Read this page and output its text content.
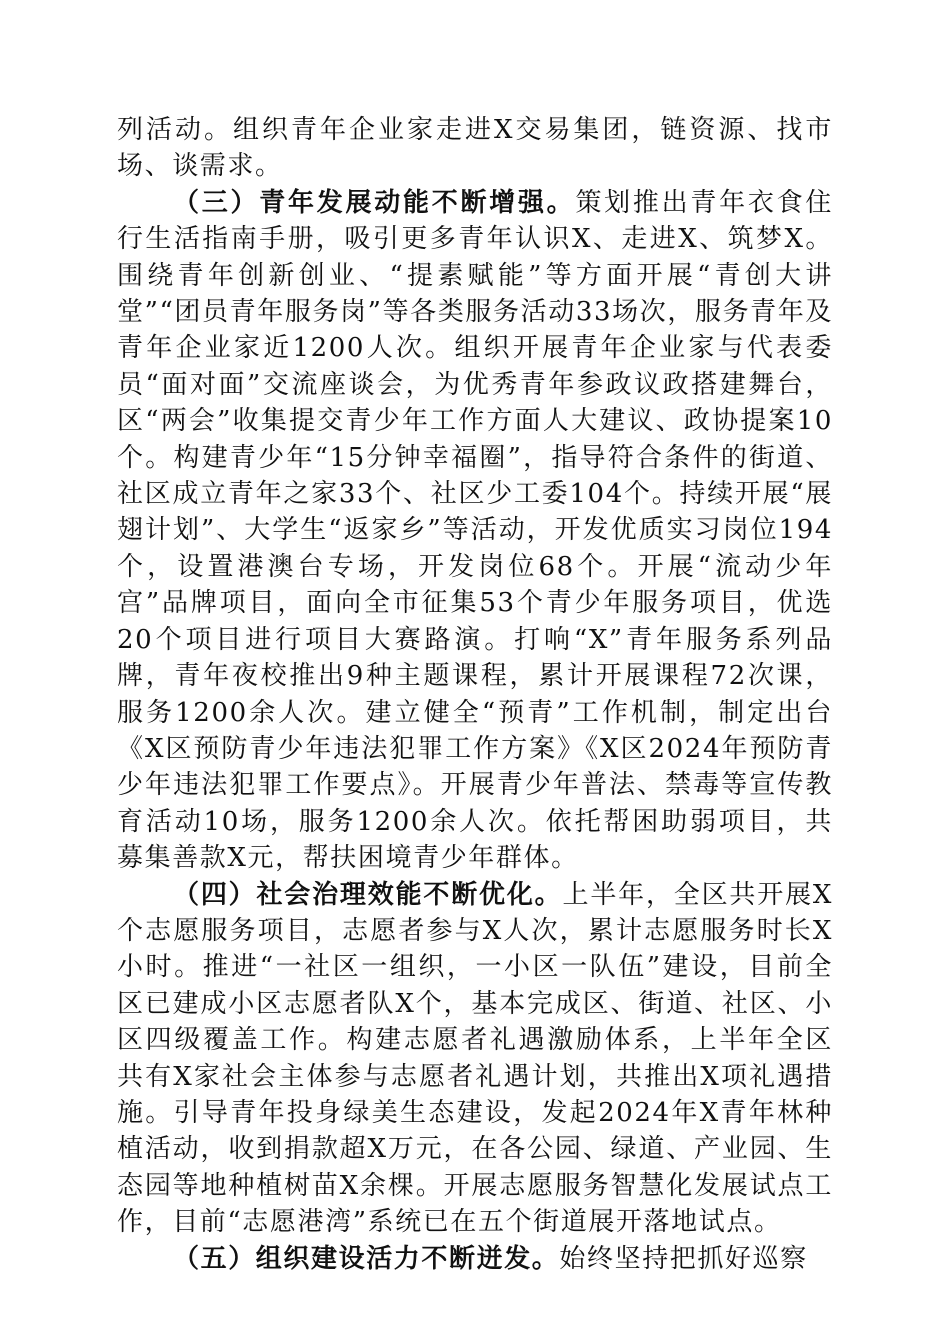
列活动。组织青年企业家走进X交易集团，链资源、找市场、谈需求。

（三）青年发展动能不断增强。策划推出青年衣食住行生活指南手册，吸引更多青年认识X、走进X、筑梦X。围绕青年创新创业、“提素赋能”等方面开展“青创大讲堂”“团员青年服务岗”等各类服务活动33场次，服务青年及青年企业家近1200人次。组织开展青年企业家与代表委员“面对面”交流座谈会，为优秀青年参政议政搭建舞台，区“两会”收集提交青少年工作方面人大建议、政协提案10个。构建青少年“15分钟幸福圈”，指导符合条件的街道、社区成立青年之家33个、社区少工委104个。持续开展“展翅计划”、大学生“返家乡”等活动，开发优质实习岗位194个，设置港澳台专场，开发岗位68个。开展“流动少年宫”品牌项目，面向全市征集53个青少年服务项目，优选20个项目进行项目大赛路演。打响“X”青年服务系列品牌，青年夜校推出9种主题课程，累计开展课程72次课，服务1200余人次。建立健全“预青”工作机制，制定出台《X区预防青少年违法犯罪工作方案》《X区2024年预防青少年违法犯罪工作要点》。开展青少年普法、禁毒等宣传教育活动10场，服务1200余人次。依托帮困助弱项目，共募集善款X元，帮扶困境青少年群体。

（四）社会治理效能不断优化。上半年，全区共开展X个志愿服务项目，志愿者参与X人次，累计志愿服务时长X小时。推进“一社区一组织，一小区一队伍”建设，目前全区已建成小区志愿者队X个，基本完成区、街道、社区、小区四级覆盖工作。构建志愿者礼遇激励体系，上半年全区共有X家社会主体参与志愿者礼遇计划，共推出X项礼遇措施。引导青年投身绿美生态建设，发起2024年X青年林种植活动，收到捐款超X万元，在各公园、绿道、产业园、生态园等地种植树苗X余棵。开展志愿服务智慧化发展试点工作，目前“志愿港湾”系统已在五个街道展开落地试点。

（五）组织建设活力不断迸发。始终坚持把抓好巡察
